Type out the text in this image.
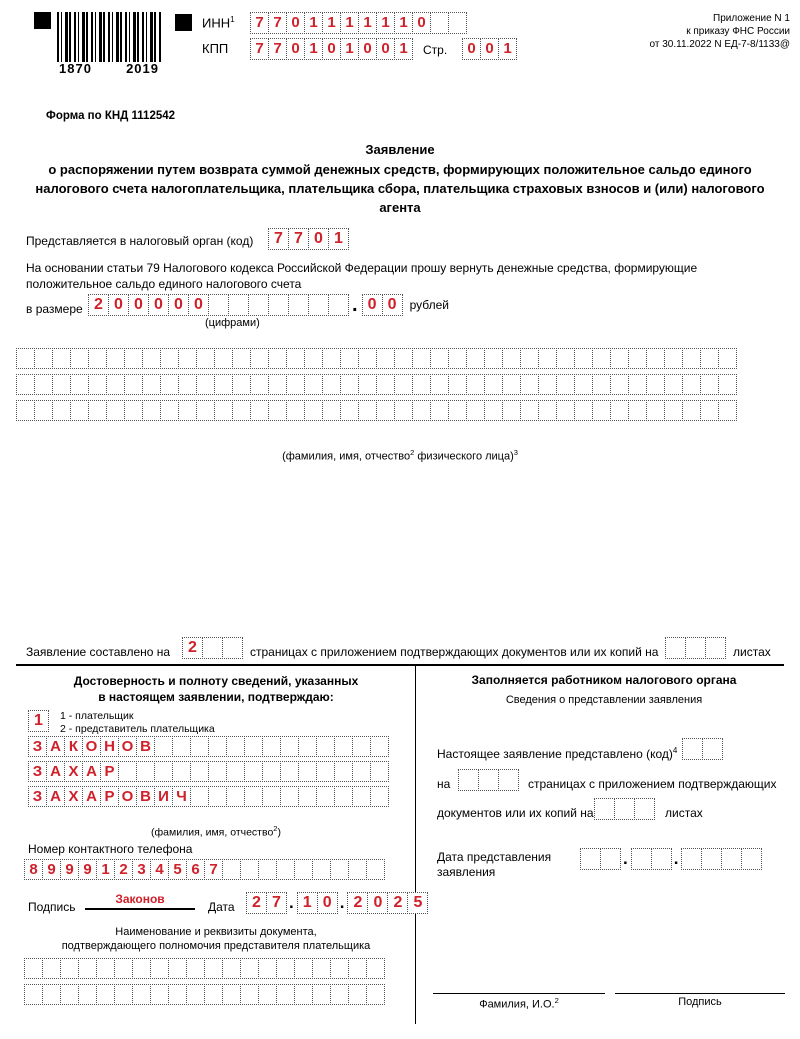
1870	2019
ИНН$^1$	7 7 0 1 1 1 1 1 1 0
КПП	7 7 0 1 0 1 0 0 1	Стр.	0 0 1
Приложение N 1
к приказу ФНС России
от 30.11.2022 N ЕД-7-8/1133@
Форма по КНД 1112542
Заявление
о распоряжении путем возврата суммой денежных средств, формирующих положительное сальдо единого налогового счета налогоплательщика, плательщика сбора, плательщика страховых взносов и (или) налогового агента
Представляется в налоговый орган (код)	7 7 0 1
На основании статьи 79 Налогового кодекса Российской Федерации прошу вернуть денежные средства, формирующие положительное сальдо единого налогового счета
в размере 2 0 0 0 0 0	. 0 0	рублей
(цифрами)
(фамилия, имя, отчество$^2$ физического лица)$^3$
Заявление составлено на	2	страницах с приложением подтверждающих документов или их копий на	листах
Достоверность и полноту сведений, указанных
в настоящем заявлении, подтверждаю:
1	1 - плательщик
2 - представитель плательщика
З А К О Н О В
З А Х А Р
З А Х А Р О В И Ч
(фамилия, имя, отчество$^2$)
Номер контактного телефона
8 9 9 9 1 2 3 4 5 6 7
Подпись
Законов
Дата	2 7 . 1 0 . 2 0 2 5
Наименование и реквизиты документа,
подтверждающего полномочия представителя плательщика
Заполняется работником налогового органа
Сведения о представлении заявления
Настоящее заявление представлено (код)$^4$
на	страницах с приложением подтверждающих
документов или их копий на	листах
Дата представления
заявления
.	.
Фамилия, И.О.$^2$	Подпись
